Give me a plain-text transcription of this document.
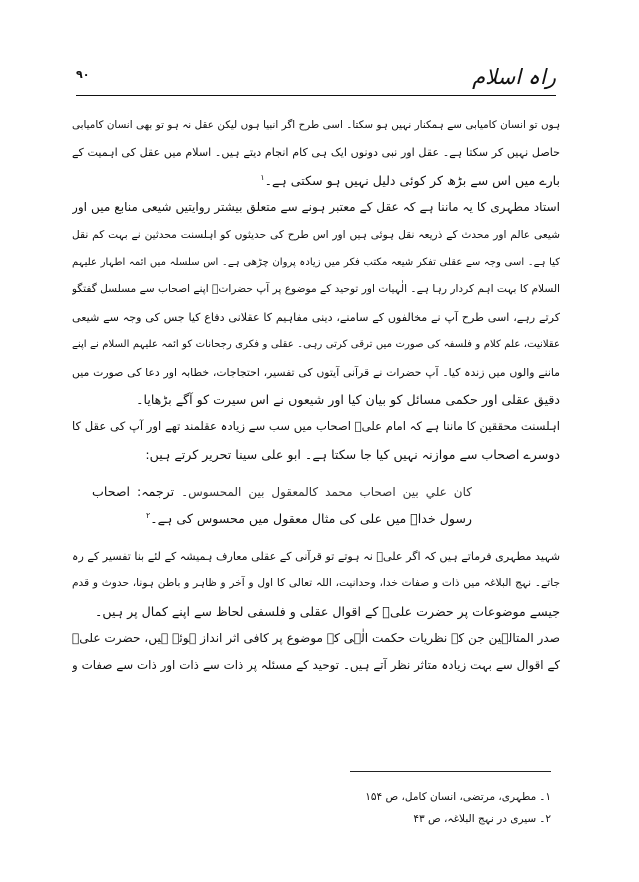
راہ اسلام
۹۰
ہوں تو انسان کامیابی سے ہمکنار نہیں ہو سکتا۔ اسی طرح اگر انبیا ہوں لیکن عقل نہ ہو تو بھی انسان کامیابی
حاصل نہیں کر سکتا ہے۔ عقل اور نبی دونوں ایک ہی کام انجام دیتے ہیں۔ اسلام میں عقل کی اہمیت کے
بارے میں اس سے بڑھ کر کوئی دلیل نہیں ہو سکتی ہے۔$^۱$
استاد مطہری کا یہ ماننا ہے کہ عقل کے معتبر ہونے سے متعلق بیشتر روایتیں شیعی منابع میں اور
شیعی عالم اور محدث کے ذریعہ نقل ہوئی ہیں اور اس طرح کی حدیثوں کو اہلسنت محدثین نے بہت کم نقل
کیا ہے۔ اسی وجہ سے عقلی تفکر شیعہ مکتب فکر میں زیادہ پروان چڑھی ہے۔ اس سلسلہ میں ائمہ اطہار علیہم
السلام کا بہت اہم کردار رہا ہے۔ الٰہیات اور توحید کے موضوع پر آپ حضراتؑ اپنے اصحاب سے مسلسل گفتگو
کرتے رہے، اسی طرح آپ نے مخالفوں کے سامنے، دینی مفاہیم کا عقلانی دفاع کیا جس کی وجہ سے شیعی
عقلانیت، علم کلام و فلسفہ کی صورت میں ترقی کرتی رہی۔ عقلی و فکری رجحانات کو ائمہ علیہم السلام نے اپنے
ماننے والوں میں زندہ کیا۔ آپ حضرات نے قرآنی آیتوں کی تفسیر، احتجاجات، خطابہ اور دعا کی صورت میں
دقیق عقلی اور حکمی مسائل کو بیان کیا اور شیعوں نے اس سیرت کو آگے بڑھایا۔
اہلسنت محققین کا ماننا ہے کہ امام علیؑ اصحاب میں سب سے زیادہ عقلمند تھے اور آپ کی عقل کا
دوسرے اصحاب سے موازنہ نہیں کیا جا سکتا ہے۔ ابو علی سینا تحریر کرتے ہیں:
كان علي بين اصحاب محمد كالمعقول بين المحسوس۔ ترجمہ: اصحاب
رسول خداؐ میں علی کی مثال معقول میں محسوس کی ہے۔$^۲$
شہید مطہری فرماتے ہیں کہ اگر علیؑ نہ ہوتے تو قرآنی کے عقلی معارف ہمیشہ کے لئے بنا تفسیر کے رہ
جاتے۔ نہج البلاغہ میں ذات و صفات خدا، وحدانیت، اللہ تعالی کا اول و آخر و ظاہر و باطن ہونا، حدوث و قدم
جیسے موضوعات پر حضرت علیؑ کے اقوال عقلی و فلسفی لحاظ سے اپنے کمال پر ہیں۔
صدر المتالہین جن کے نظریات حکمت الٰہی کے موضوع پر کافی اثر انداز ہوئے ہیں، حضرت علیؑ
کے اقوال سے بہت زیادہ متاثر نظر آتے ہیں۔ توحید کے مسئلہ پر ذات سے ذات اور ذات سے صفات و
۱۔مطہری، مرتضی، انسان کامل، ص ۱۵۴
۲۔سیری در نہج البلاغہ، ص ۴۳
